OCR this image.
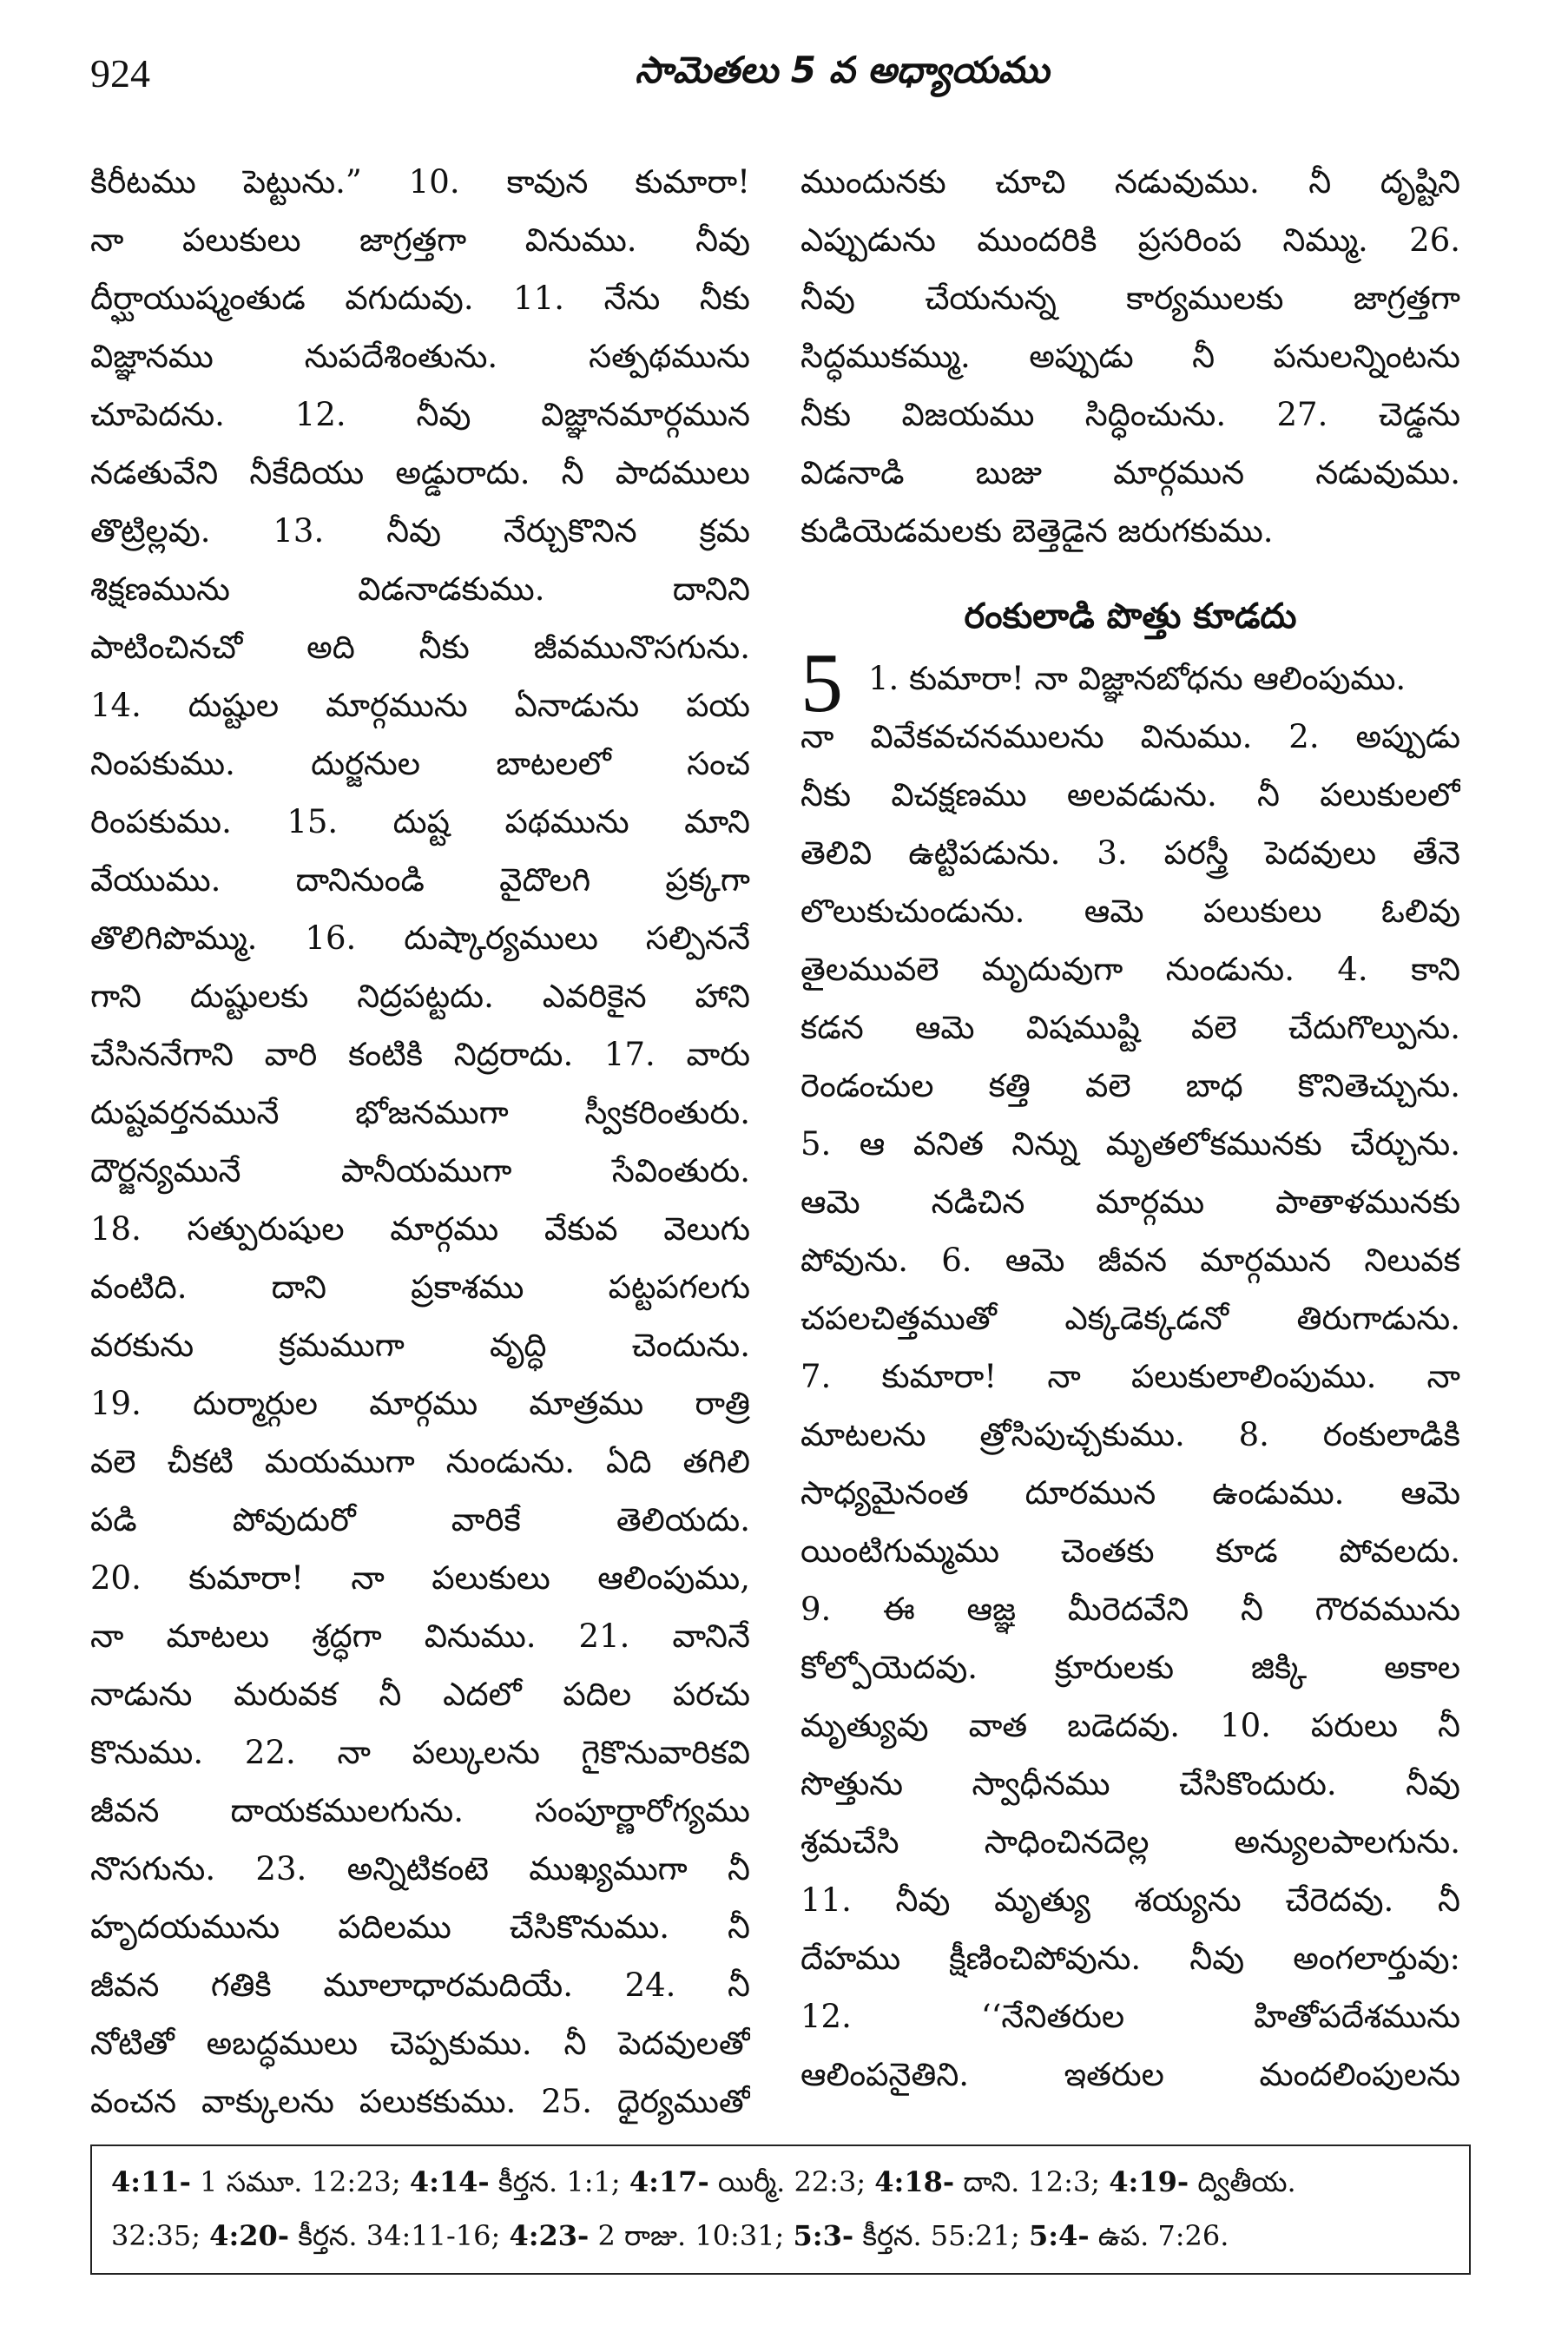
924	సామెతలు 5 వ అధ్యాయము
కిరీటము పెట్టును.” 10. కావున కుమారా!
నా పలుకులు జాగ్రత్తగా వినుము. నీవు
దీర్ఘాయుష్మంతుడ వగుదువు. 11. నేను నీకు
విజ్ఞానము నుపదేశింతును. సత్పథమును
చూపెదను. 12. నీవు విజ్ఞానమార్గమున
నడతువేని నీకేదియు అడ్డురాదు. నీ పాదములు
తొట్రిల్లవు. 13. నీవు నేర్చుకొనిన క్రమ
శిక్షణమును విడనాడకుము. దానిని
పాటించినచో అది నీకు జీవమునొసగును.
14. దుష్టుల మార్గమును ఏనాడును పయ
నింపకుము. దుర్జనుల బాటలలో సంచ
రింపకుము. 15. దుష్ట పథమును మాని
వేయుము. దానినుండి వైదొలగి ప్రక్కగా
తొలిగిపొమ్ము. 16. దుష్కార్యములు సల్పిననే
గాని దుష్టులకు నిద్రపట్టదు. ఎవరికైన హాని
చేసిననేగాని వారి కంటికి నిద్రరాదు. 17. వారు
దుష్టవర్తనమునే భోజనముగా స్వీకరింతురు.
దౌర్జన్యమునే పానీయముగా సేవింతురు.
18. సత్పురుషుల మార్గము వేకువ వెలుగు
వంటిది. దాని ప్రకాశము పట్టపగలగు
వరకును క్రమముగా వృద్ధి చెందును.
19. దుర్మార్గుల మార్గము మాత్రము రాత్రి
వలె చీకటి మయముగా నుండును. ఏది తగిలి
పడి పోవుదురో వారికే తెలియదు.
20. కుమారా! నా పలుకులు ఆలింపుము,
నా మాటలు శ్రద్ధగా వినుము. 21. వానినే
నాడును మరువక నీ ఎదలో పదిల పరచు
కొనుము. 22. నా పల్కులను గైకొనువారికవి
జీవన దాయకములగును. సంపూర్ణారోగ్యము
నొసగును. 23. అన్నిటికంటె ముఖ్యముగా నీ
హృదయమును పదిలము చేసికొనుము. నీ
జీవన గతికి మూలాధారమదియే. 24. నీ
నోటితో అబద్ధములు చెప్పకుము. నీ పెదవులతో
వంచన వాక్కులను పలుకకుము. 25. ధైర్యముతో
ముందునకు చూచి నడువుము. నీ దృష్టిని
ఎప్పుడును ముందరికి ప్రసరింప నిమ్ము. 26.
నీవు చేయనున్న కార్యములకు జాగ్రత్తగా
సిద్ధముకమ్ము. అప్పుడు నీ పనులన్నింటను
నీకు విజయము సిద్ధించును. 27. చెడ్డను
విడనాడి బుజు మార్గమున నడువుము.
కుడియెడమలకు బెత్తెడైన జరుగకుము.
రంకులాడి పొత్తు కూడదు
5 1. కుమారా! నా విజ్ఞానబోధను ఆలింపుము.
నా వివేకవచనములను వినుము. 2. అప్పుడు
నీకు విచక్షణము అలవడును. నీ పలుకులలో
తెలివి ఉట్టిపడును. 3. పరస్త్రీ పెదవులు తేనె
లొలుకుచుండును. ఆమె పలుకులు ఓలివు
తైలమువలె మృదువుగా నుండును. 4. కాని
కడన ఆమె విషముష్టి వలె చేదుగొల్పును.
రెండంచుల కత్తి వలె బాధ కొనితెచ్చును.
5. ఆ వనిత నిన్ను మృతలోకమునకు చేర్చును.
ఆమె నడిచిన మార్గము పాతాళమునకు
పోవును. 6. ఆమె జీవన మార్గమున నిలువక
చపలచిత్తముతో ఎక్కడెక్కడనో తిరుగాడును.
7. కుమారా! నా పలుకులాలింపుము. నా
మాటలను త్రోసిపుచ్చకుము. 8. రంకులాడికి
సాధ్యమైనంత దూరమున ఉండుము. ఆమె
యింటిగుమ్మము చెంతకు కూడ పోవలదు.
9. ఈ ఆజ్ఞ మీరెదవేని నీ గౌరవమును
కోల్పోయెదవు. క్రూరులకు జిక్కి అకాల
మృత్యువు వాత బడెదవు. 10. పరులు నీ
సొత్తును స్వాధీనము చేసికొందురు. నీవు
శ్రమచేసి సాధించినదెల్ల అన్యులపాలగును.
11. నీవు మృత్యు శయ్యను చేరెదవు. నీ
దేహము క్షీణించిపోవును. నీవు అంగలార్తువు:
12. ‘‘నేనితరుల హితోపదేశమును
ఆలింపనైతిని. ఇతరుల మందలింపులను
4:11- 1 సమూ. 12:23; 4:14- కీర్తన. 1:1; 4:17- యిర్మీ. 22:3; 4:18- దాని. 12:3; 4:19- ద్వితీయ.
32:35; 4:20- కీర్తన. 34:11-16; 4:23- 2 రాజు. 10:31; 5:3- కీర్తన. 55:21; 5:4- ఉప. 7:26.
